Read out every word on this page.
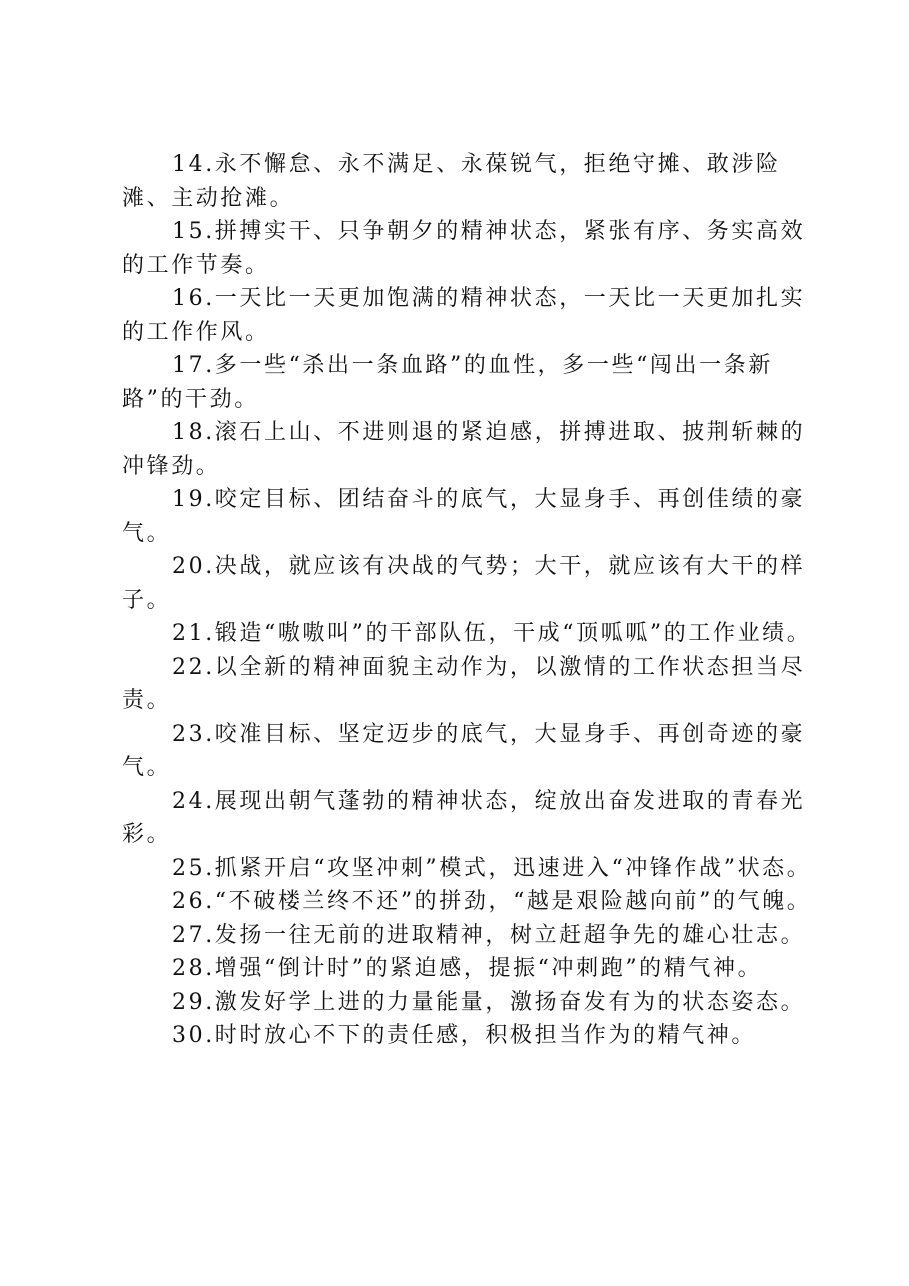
14.永不懈怠、永不满足、永葆锐气，拒绝守摊、敢涉险滩、主动抢滩。

15.拼搏实干、只争朝夕的精神状态，紧张有序、务实高效的工作节奏。

16.一天比一天更加饱满的精神状态，一天比一天更加扎实的工作作风。

17.多一些“杀出一条血路”的血性，多一些“闯出一条新路”的干劲。

18.滚石上山、不进则退的紧迫感，拼搏进取、披荆斩棘的冲锋劲。

19.咬定目标、团结奋斗的底气，大显身手、再创佳绩的豪气。

20.决战，就应该有决战的气势；大干，就应该有大干的样子。

21.锻造“嗷嗷叫”的干部队伍，干成“顶呱呱”的工作业绩。

22.以全新的精神面貌主动作为，以激情的工作状态担当尽责。

23.咬准目标、坚定迈步的底气，大显身手、再创奇迹的豪气。

24.展现出朝气蓬勃的精神状态，绽放出奋发进取的青春光彩。

25.抓紧开启“攻坚冲刺”模式，迅速进入“冲锋作战”状态。

26.“不破楼兰终不还”的拼劲，“越是艰险越向前”的气魄。

27.发扬一往无前的进取精神，树立赶超争先的雄心壮志。

28.增强“倒计时”的紧迫感，提振“冲刺跑”的精气神。

29.激发好学上进的力量能量，激扬奋发有为的状态姿态。

30.时时放心不下的责任感，积极担当作为的精气神。
